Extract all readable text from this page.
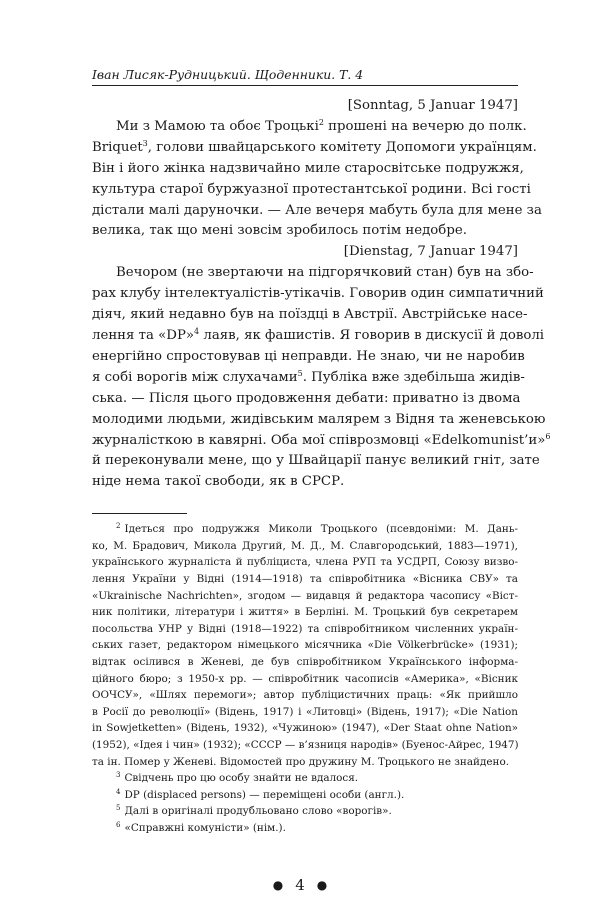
Іван Лисяк-Рудницький. Щоденники. Т. 4
[Sonntag, 5 Januar 1947]
Ми з Мамою та обоє Троцькі$^2$ прошені на вечерю до полк.
Briquet$^3$, голови швайцарського комітету Допомоги українцям.
Він і його жінка надзвичайно миле старосвітське подружжя,
культура старої буржуазної протестантської родини. Всі гості
дістали малі даруночки. — Але вечеря мабуть була для мене за
велика, так що мені зовсім зробилось потім недобре.
[Dienstag, 7 Januar 1947]
Вечором (не звертаючи на підгорячковий стан) був на збо-
рах клубу інтелектуалістів-утікачів. Говорив один симпатичний
діяч, який недавно був на поїздці в Австрії. Австрійське насе-
лення та «DP»$^4$ лаяв, як фашистів. Я говорив в дискусії й доволі
енергійно спростовував ці неправди. Не знаю, чи не наробив
я собі ворогів між слухачами$^5$. Публіка вже здебільша жидів-
ська. — Після цього продовження дебати: приватно із двома
молодими людьми, жидівським малярем з Відня та женевською
журналісткою в кавярні. Оба мої співрозмовці «Edelkomunist’и»$^6$
й переконували мене, що у Швайцарії панує великий гніт, зате
ніде нема такої свободи, як в СРСР.
$^2$ Ідеться про подружжя Миколи Троцького (псевдоніми: М. Дань-
ко, М. Брадович, Микола Другий, М. Д., М. Славгородський, 1883—1971),
українського журналіста й публіциста, члена РУП та УСДРП, Союзу визво-
лення України у Відні (1914—1918) та співробітника «Вісника СВУ» та
«Ukrainische Nachrichten», згодом — видавця й редактора часопису «Віст-
ник політики, літератури і життя» в Берліні. М. Троцький був секретарем
посольства УНР у Відні (1918—1922) та співробітником численних україн-
ських газет, редактором німецького місячника «Die Völkerbrücke» (1931);
відтак осілився в Женеві, де був співробітником Українського інформа-
ційного бюро; з 1950-х рр. — співробітник часописів «Америка», «Вісник
ООЧСУ», «Шлях перемоги»; автор публіцистичних праць: «Як прийшло
в Росії до революції» (Відень, 1917) і «Литовці» (Відень, 1917); «Die Nation
in Sowjetketten» (Відень, 1932), «Чужиною» (1947), «Der Staat ohne Nation»
(1952), «Ідея і чин» (1932); «СССР — в’язниця народів» (Буенос-Айрес, 1947)
та ін. Помер у Женеві. Відомостей про дружину М. Троцького не знайдено.
$^3$ Свідчень про цю особу знайти не вдалося.
$^4$ DP (displaced persons) — переміщені особи (англ.).
$^5$ Далі в оригіналі продубльовано слово «ворогів».
$^6$ «Справжні комуністи» (нім.).
● 4 ●
